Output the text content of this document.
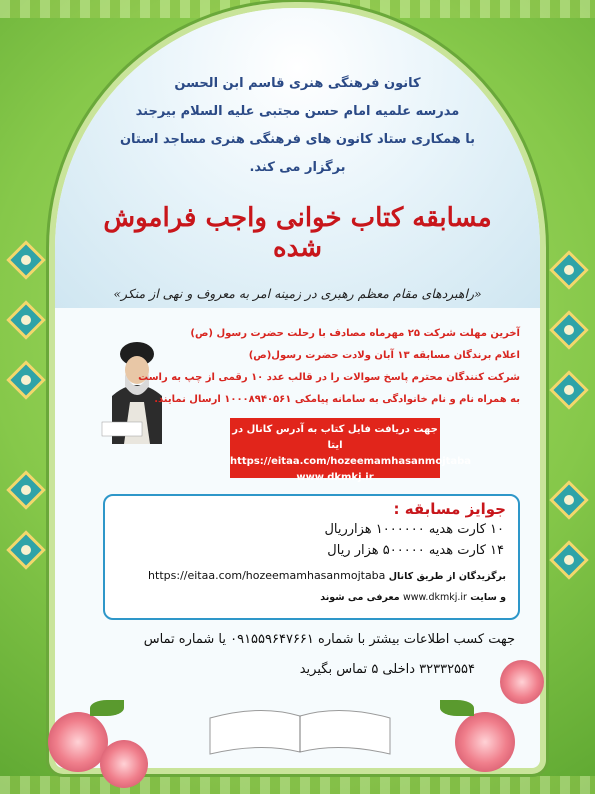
کانون فرهنگی هنری قاسم ابن الحسن
مدرسه علمیه امام حسن مجتبی علیه السلام بیرجند
با همکاری ستاد کانون های فرهنگی هنری مساجد استان
برگزار می کند.
مسابقه کتاب خوانی واجب فراموش شده
«راهبردهای مقام معظم رهبری در زمینه امر به معروف و نهی از منکر»
آخرین مهلت شرکت ۲۵ مهرماه مصادف با رحلت حضرت رسول (ص)
اعلام برندگان مسابقه ۱۳ آبان ولادت حضرت رسول(ص)
شرکت کنندگان محترم پاسخ سوالات را در قالب عدد ۱۰ رقمی از چپ به راست
به همراه نام و نام خانوادگی به سامانه پیامکی ۱۰۰۰۸۹۴۰۵۶۱ ارسال نمایند.
جهت دریافت فایل کتاب به آدرس کانال در ایتا
https://eitaa.com/hozeemamhasanmojtaba
www.dkmkj.ir
جوایز مسابقه :
۱۰ کارت هدیه ۱۰۰۰۰۰۰ هزارریال
۱۴ کارت هدیه ۵۰۰۰۰۰ هزار ریال
برگزیدگان از طریق کانال https://eitaa.com/hozeemamhasanmojtaba
و سایت www.dkmkj.ir معرفی می شوند
جهت کسب اطلاعات بیشتر با شماره ۰۹۱۵۵۹۶۴۷۶۶۱ یا شماره تماس
۳۲۳۳۲۵۵۴ داخلی ۵ تماس بگیرید
